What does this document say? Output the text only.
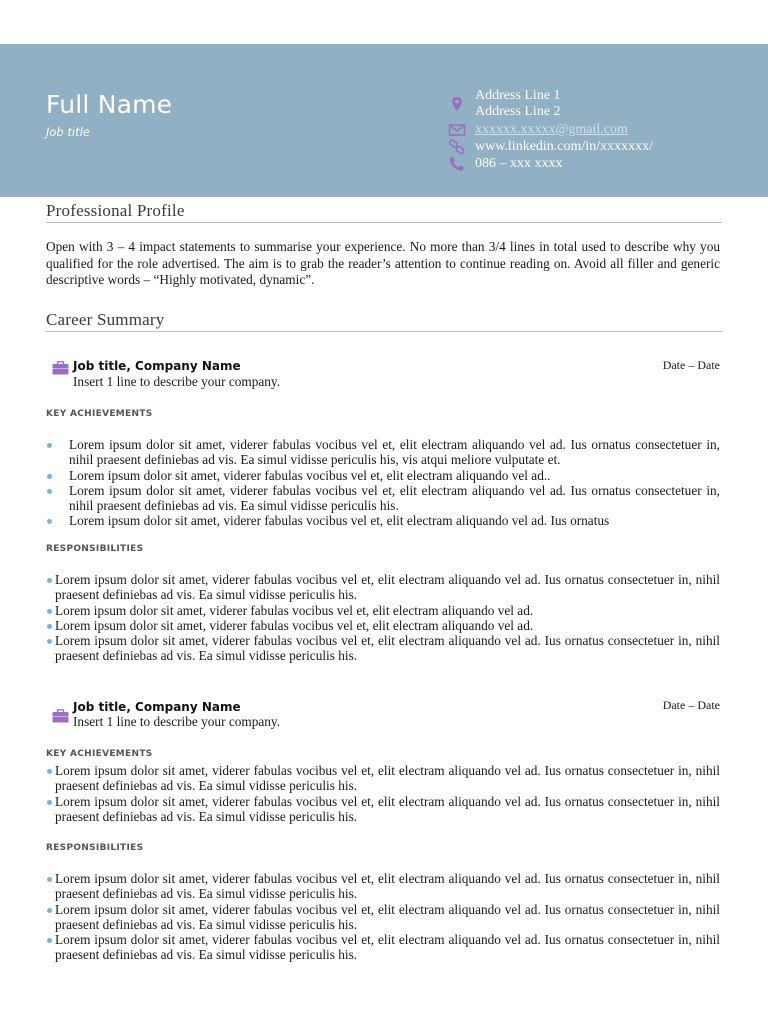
Full Name
Job title
Address Line 1
Address Line 2
xxxxxx.xxxxx@gmail.com
www.linkedin.com/in/xxxxxxx/
086 – xxx xxxx
Professional Profile
Open with 3 – 4 impact statements to summarise your experience. No more than 3/4 lines in total used to describe why you qualified for the role advertised. The aim is to grab the reader’s attention to continue reading on. Avoid all filler and generic descriptive words – “Highly motivated, dynamic”.
Career Summary
Job title, Company Name	Date – Date
Insert 1 line to describe your company.
KEY ACHIEVEMENTS
Lorem ipsum dolor sit amet, viderer fabulas vocibus vel et, elit electram aliquando vel ad. Ius ornatus consectetuer in, nihil praesent definiebas ad vis. Ea simul vidisse periculis his, vis atqui meliore vulputate et.
Lorem ipsum dolor sit amet, viderer fabulas vocibus vel et, elit electram aliquando vel ad..
Lorem ipsum dolor sit amet, viderer fabulas vocibus vel et, elit electram aliquando vel ad. Ius ornatus consectetuer in, nihil praesent definiebas ad vis. Ea simul vidisse periculis his.
Lorem ipsum dolor sit amet, viderer fabulas vocibus vel et, elit electram aliquando vel ad. Ius ornatus
RESPONSIBILITIES
Lorem ipsum dolor sit amet, viderer fabulas vocibus vel et, elit electram aliquando vel ad. Ius ornatus consectetuer in, nihil praesent definiebas ad vis. Ea simul vidisse periculis his.
Lorem ipsum dolor sit amet, viderer fabulas vocibus vel et, elit electram aliquando vel ad.
Lorem ipsum dolor sit amet, viderer fabulas vocibus vel et, elit electram aliquando vel ad.
Lorem ipsum dolor sit amet, viderer fabulas vocibus vel et, elit electram aliquando vel ad. Ius ornatus consectetuer in, nihil praesent definiebas ad vis. Ea simul vidisse periculis his.
Job title, Company Name	Date – Date
Insert 1 line to describe your company.
KEY ACHIEVEMENTS
Lorem ipsum dolor sit amet, viderer fabulas vocibus vel et, elit electram aliquando vel ad. Ius ornatus consectetuer in, nihil praesent definiebas ad vis. Ea simul vidisse periculis his.
Lorem ipsum dolor sit amet, viderer fabulas vocibus vel et, elit electram aliquando vel ad. Ius ornatus consectetuer in, nihil praesent definiebas ad vis. Ea simul vidisse periculis his.
RESPONSIBILITIES
Lorem ipsum dolor sit amet, viderer fabulas vocibus vel et, elit electram aliquando vel ad. Ius ornatus consectetuer in, nihil praesent definiebas ad vis. Ea simul vidisse periculis his.
Lorem ipsum dolor sit amet, viderer fabulas vocibus vel et, elit electram aliquando vel ad. Ius ornatus consectetuer in, nihil praesent definiebas ad vis. Ea simul vidisse periculis his.
Lorem ipsum dolor sit amet, viderer fabulas vocibus vel et, elit electram aliquando vel ad. Ius ornatus consectetuer in, nihil praesent definiebas ad vis. Ea simul vidisse periculis his.
